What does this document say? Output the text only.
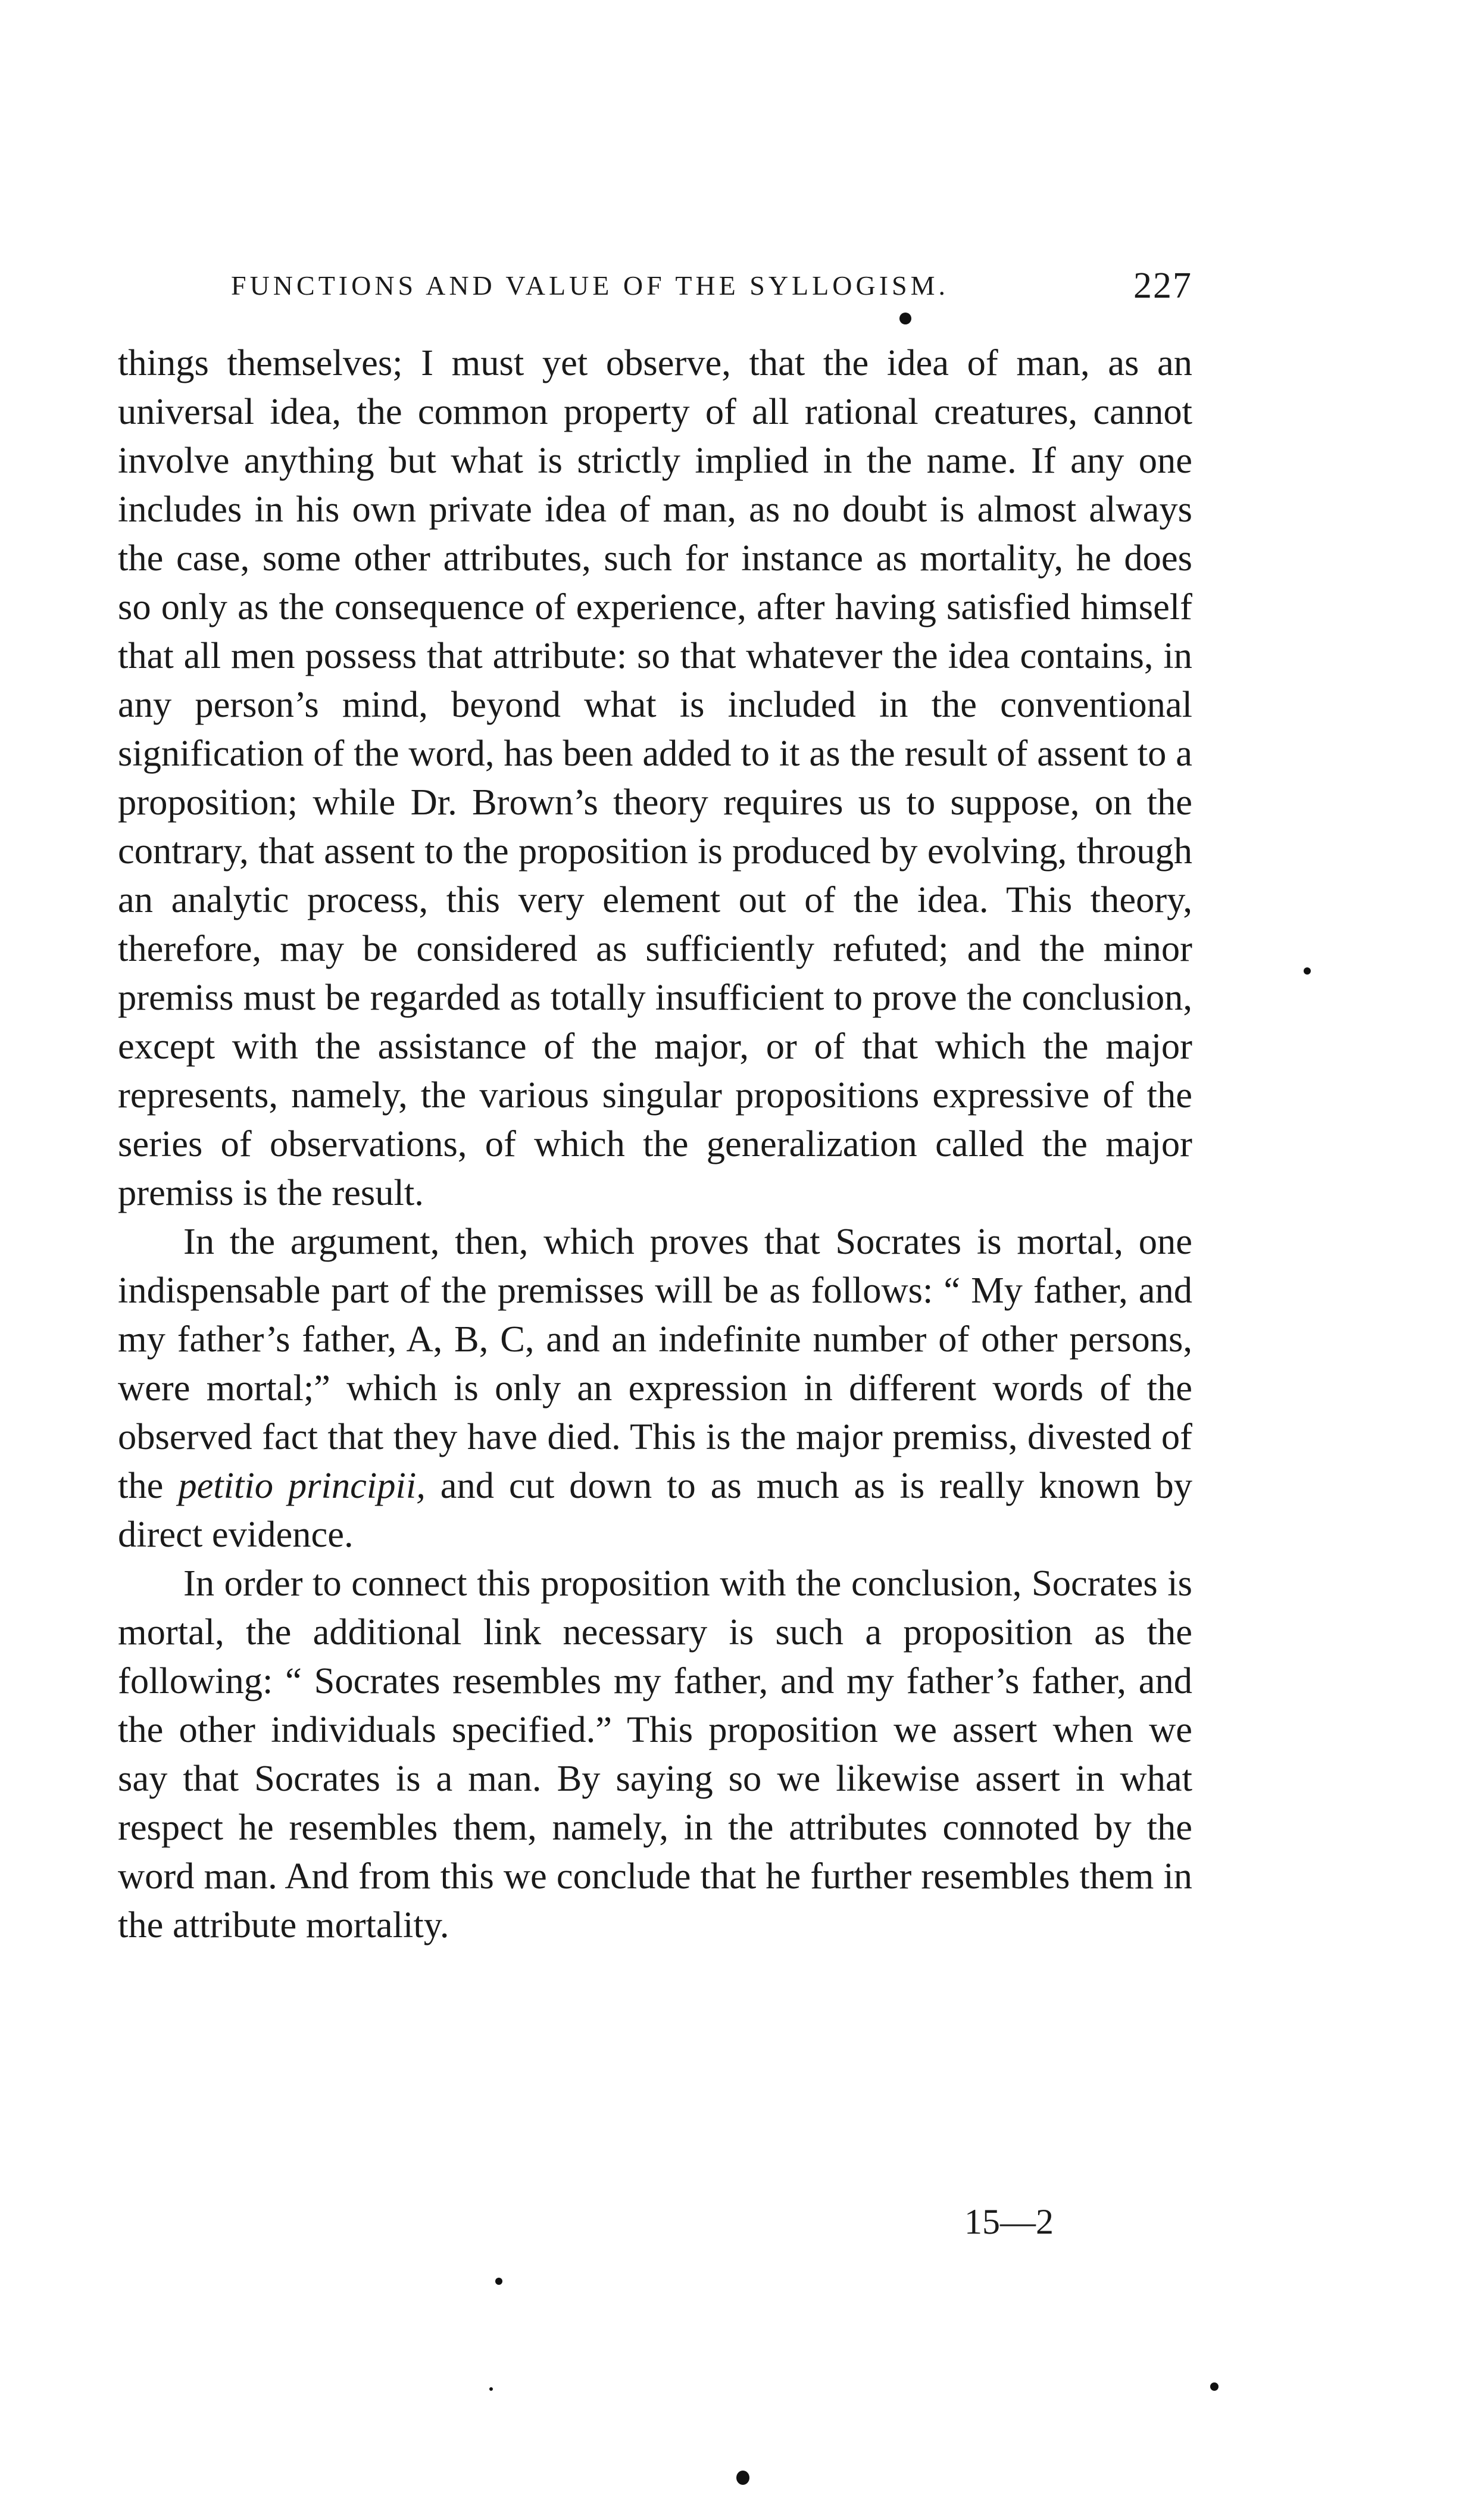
FUNCTIONS AND VALUE OF THE SYLLOGISM.	227

things themselves; I must yet observe, that the idea of man, as an universal idea, the common property of all rational creatures, cannot involve anything but what is strictly implied in the name. If any one includes in his own private idea of man, as no doubt is almost always the case, some other attributes, such for instance as mortality, he does so only as the consequence of experience, after having satisfied himself that all men possess that attribute: so that whatever the idea contains, in any person’s mind, beyond what is included in the conventional signification of the word, has been added to it as the result of assent to a proposition; while Dr. Brown’s theory requires us to suppose, on the contrary, that assent to the proposition is produced by evolving, through an analytic process, this very element out of the idea. This theory, therefore, may be considered as sufficiently refuted; and the minor premiss must be regarded as totally insufficient to prove the conclusion, except with the assistance of the major, or of that which the major represents, namely, the various singular propositions expressive of the series of observations, of which the generalization called the major premiss is the result.

In the argument, then, which proves that Socrates is mortal, one indispensable part of the premisses will be as follows: “ My father, and my father’s father, A, B, C, and an indefinite number of other persons, were mortal;” which is only an expression in different words of the observed fact that they have died. This is the major premiss, divested of the petitio principii, and cut down to as much as is really known by direct evidence.

In order to connect this proposition with the conclusion, Socrates is mortal, the additional link necessary is such a proposition as the following: “ Socrates resembles my father, and my father’s father, and the other individuals specified.” This proposition we assert when we say that Socrates is a man. By saying so we likewise assert in what respect he resembles them, namely, in the attributes connoted by the word man. And from this we conclude that he further resembles them in the attribute mortality.

15—2
